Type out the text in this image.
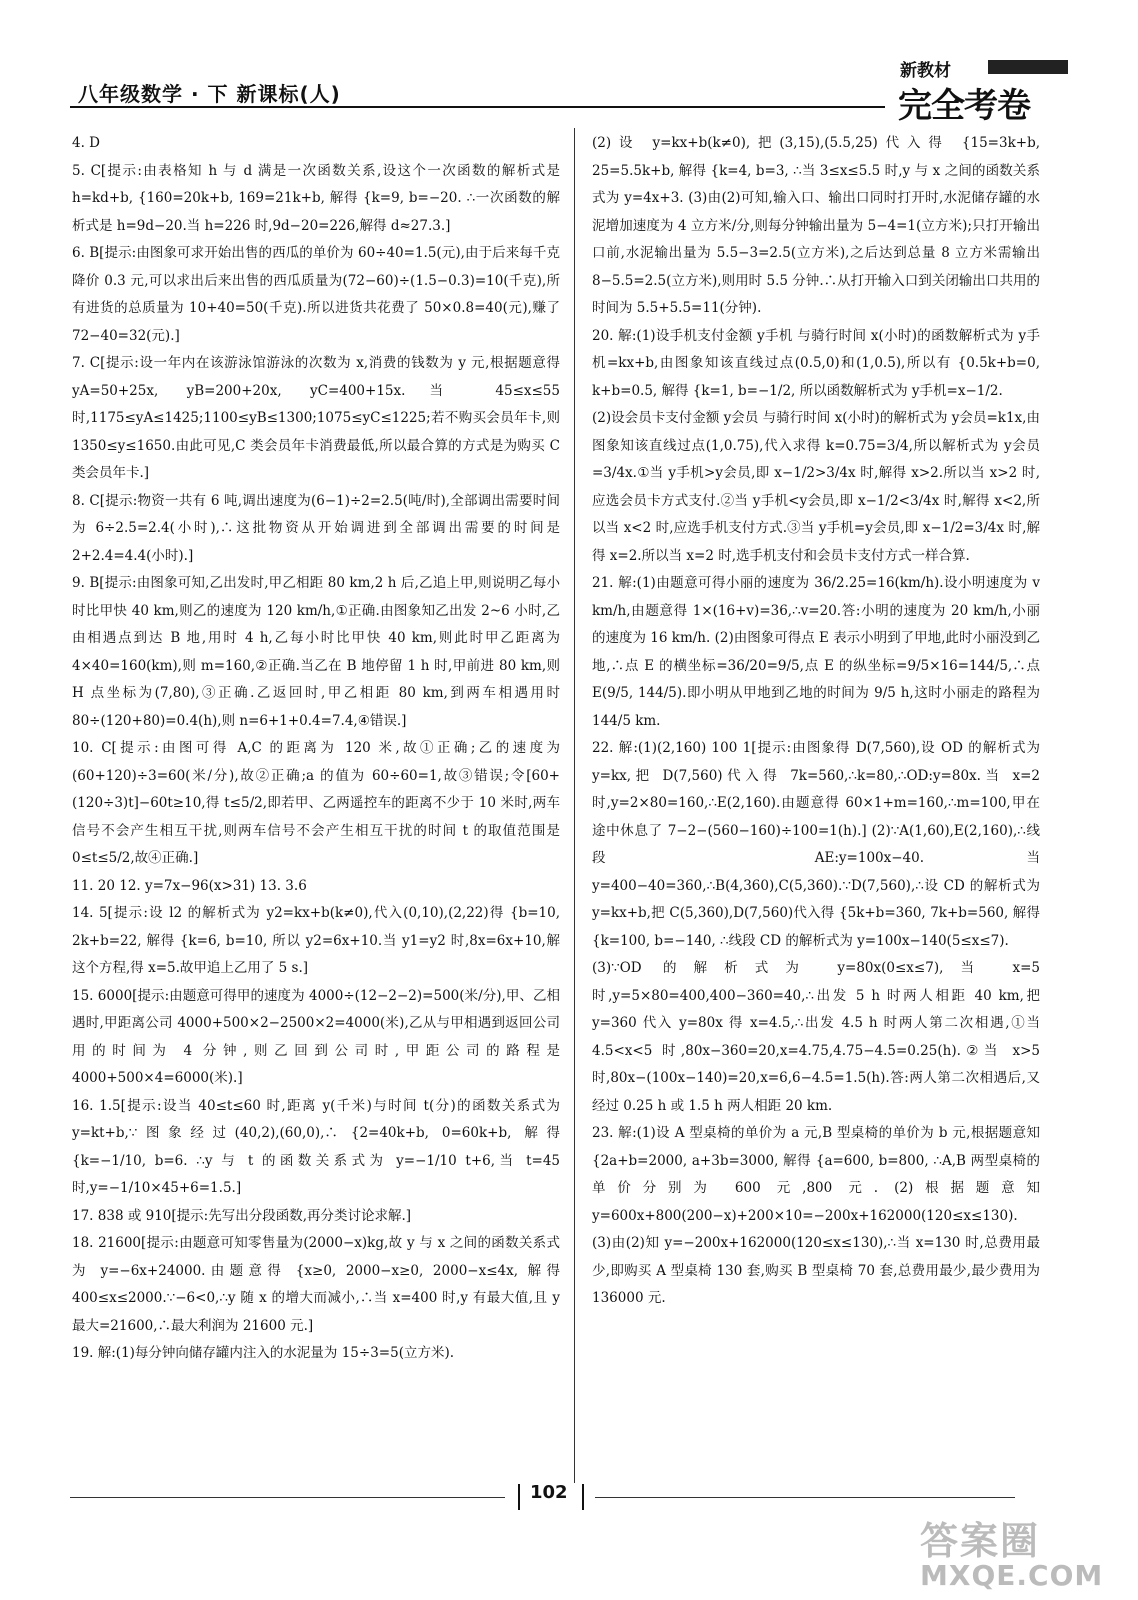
八年级数学 · 下 新课标(人)
新教材
完全考卷

4. D

5. C[提示:由表格知 h 与 d 满是一次函数关系,设这个一次函数的解析式是 h=kd+b, {160=20k+b, 169=21k+b, 解得 {k=9, b=−20. ∴一次函数的解析式是 h=9d−20.当 h=226 时,9d−20=226,解得 d≈27.3.]

6. B[提示:由图象可求开始出售的西瓜的单价为 60÷40=1.5(元),由于后来每千克降价 0.3 元,可以求出后来出售的西瓜质量为(72−60)÷(1.5−0.3)=10(千克),所有进货的总质量为 10+40=50(千克).所以进货共花费了 50×0.8=40(元),赚了 72−40=32(元).]

7. C[提示:设一年内在该游泳馆游泳的次数为 x,消费的钱数为 y 元,根据题意得 yA=50+25x, yB=200+20x, yC=400+15x.当 45≤x≤55 时,1175≤yA≤1425;1100≤yB≤1300;1075≤yC≤1225;若不购买会员年卡,则 1350≤y≤1650.由此可见,C 类会员年卡消费最低,所以最合算的方式是为购买 C 类会员年卡.]

8. C[提示:物资一共有 6 吨,调出速度为(6−1)÷2=2.5(吨/时),全部调出需要时间为 6÷2.5=2.4(小时),∴这批物资从开始调进到全部调出需要的时间是 2+2.4=4.4(小时).]

9. B[提示:由图象可知,乙出发时,甲乙相距 80 km,2 h 后,乙追上甲,则说明乙每小时比甲快 40 km,则乙的速度为 120 km/h,①正确.由图象知乙出发 2~6 小时,乙由相遇点到达 B 地,用时 4 h,乙每小时比甲快 40 km,则此时甲乙距离为 4×40=160(km),则 m=160,②正确.当乙在 B 地停留 1 h 时,甲前进 80 km,则 H 点坐标为(7,80),③正确.乙返回时,甲乙相距 80 km,到两车相遇用时 80÷(120+80)=0.4(h),则 n=6+1+0.4=7.4,④错误.]

10. C[提示:由图可得 A,C 的距离为 120 米,故①正确;乙的速度为(60+120)÷3=60(米/分),故②正确;a 的值为 60÷60=1,故③错误;令[60+(120÷3)t]−60t≥10,得 t≤5/2,即若甲、乙两遥控车的距离不少于 10 米时,两车信号不会产生相互干扰,则两车信号不会产生相互干扰的时间 t 的取值范围是 0≤t≤5/2,故④正确.]

11. 20 12. y=7x−96(x>31) 13. 3.6

14. 5[提示:设 l2 的解析式为 y2=kx+b(k≠0),代入(0,10),(2,22)得 {b=10, 2k+b=22, 解得 {k=6, b=10, 所以 y2=6x+10.当 y1=y2 时,8x=6x+10,解这个方程,得 x=5.故甲追上乙用了 5 s.]

15. 6000[提示:由题意可得甲的速度为 4000÷(12−2−2)=500(米/分),甲、乙相遇时,甲距离公司 4000+500×2−2500×2=4000(米),乙从与甲相遇到返回公司用的时间为 4 分钟,则乙回到公司时,甲距公司的路程是 4000+500×4=6000(米).]

16. 1.5[提示:设当 40≤t≤60 时,距离 y(千米)与时间 t(分)的函数关系式为 y=kt+b,∵图象经过(40,2),(60,0),∴ {2=40k+b, 0=60k+b, 解得 {k=−1/10, b=6. ∴y 与 t 的函数关系式为 y=−1/10 t+6,当 t=45 时,y=−1/10×45+6=1.5.]

17. 838 或 910[提示:先写出分段函数,再分类讨论求解.]

18. 21600[提示:由题意可知零售量为(2000−x)kg,故 y 与 x 之间的函数关系式为 y=−6x+24000.由题意得 {x≥0, 2000−x≥0, 2000−x≤4x, 解得 400≤x≤2000.∵−6<0,∴y 随 x 的增大而减小,∴当 x=400 时,y 有最大值,且 y最大=21600,∴最大利润为 21600 元.]

19. 解:(1)每分钟向储存罐内注入的水泥量为 15÷3=5(立方米).

(2)设 y=kx+b(k≠0),把(3,15),(5.5,25)代入得 {15=3k+b, 25=5.5k+b, 解得 {k=4, b=3, ∴当 3≤x≤5.5 时,y 与 x 之间的函数关系式为 y=4x+3. (3)由(2)可知,输入口、输出口同时打开时,水泥储存罐的水泥增加速度为 4 立方米/分,则每分钟输出量为 5−4=1(立方米);只打开输出口前,水泥输出量为 5.5−3=2.5(立方米),之后达到总量 8 立方米需输出 8−5.5=2.5(立方米),则用时 5.5 分钟.∴从打开输入口到关闭输出口共用的时间为 5.5+5.5=11(分钟).

20. 解:(1)设手机支付金额 y手机 与骑行时间 x(小时)的函数解析式为 y手机=kx+b,由图象知该直线过点(0.5,0)和(1,0.5),所以有 {0.5k+b=0, k+b=0.5, 解得 {k=1, b=−1/2, 所以函数解析式为 y手机=x−1/2.

(2)设会员卡支付金额 y会员 与骑行时间 x(小时)的解析式为 y会员=k1x,由图象知该直线过点(1,0.75),代入求得 k=0.75=3/4,所以解析式为 y会员=3/4x.①当 y手机>y会员,即 x−1/2>3/4x 时,解得 x>2.所以当 x>2 时,应选会员卡方式支付.②当 y手机<y会员,即 x−1/2<3/4x 时,解得 x<2,所以当 x<2 时,应选手机支付方式.③当 y手机=y会员,即 x−1/2=3/4x 时,解得 x=2.所以当 x=2 时,选手机支付和会员卡支付方式一样合算.

21. 解:(1)由题意可得小丽的速度为 36/2.25=16(km/h).设小明速度为 v km/h,由题意得 1×(16+v)=36,∴v=20.答:小明的速度为 20 km/h,小丽的速度为 16 km/h. (2)由图象可得点 E 表示小明到了甲地,此时小丽没到乙地,∴点 E 的横坐标=36/20=9/5,点 E 的纵坐标=9/5×16=144/5,∴点 E(9/5, 144/5).即小明从甲地到乙地的时间为 9/5 h,这时小丽走的路程为 144/5 km.

22. 解:(1)(2,160) 100 1[提示:由图象得 D(7,560),设 OD 的解析式为 y=kx,把 D(7,560)代入得 7k=560,∴k=80,∴OD:y=80x.当 x=2 时,y=2×80=160,∴E(2,160).由题意得 60×1+m=160,∴m=100,甲在途中休息了 7−2−(560−160)÷100=1(h).] (2)∵A(1,60),E(2,160),∴线段 AE:y=100x−40.当 y=400−40=360,∴B(4,360),C(5,360).∵D(7,560),∴设 CD 的解析式为 y=kx+b,把 C(5,360),D(7,560)代入得 {5k+b=360, 7k+b=560, 解得 {k=100, b=−140, ∴线段 CD 的解析式为 y=100x−140(5≤x≤7).

(3)∵OD 的解析式为 y=80x(0≤x≤7),当 x=5 时,y=5×80=400,400−360=40,∴出发 5 h 时两人相距 40 km,把 y=360 代入 y=80x 得 x=4.5,∴出发 4.5 h 时两人第二次相遇,①当 4.5<x<5 时,80x−360=20,x=4.75,4.75−4.5=0.25(h).②当 x>5 时,80x−(100x−140)=20,x=6,6−4.5=1.5(h).答:两人第二次相遇后,又经过 0.25 h 或 1.5 h 两人相距 20 km.

23. 解:(1)设 A 型桌椅的单价为 a 元,B 型桌椅的单价为 b 元,根据题意知 {2a+b=2000, a+3b=3000, 解得 {a=600, b=800, ∴A,B 两型桌椅的单价分别为 600 元,800 元. (2)根据题意知 y=600x+800(200−x)+200×10=−200x+162000(120≤x≤130). (3)由(2)知 y=−200x+162000(120≤x≤130),∴当 x=130 时,总费用最少,即购买 A 型桌椅 130 套,购买 B 型桌椅 70 套,总费用最少,最少费用为 136000 元.

102
答案圈
MXQE.COM
